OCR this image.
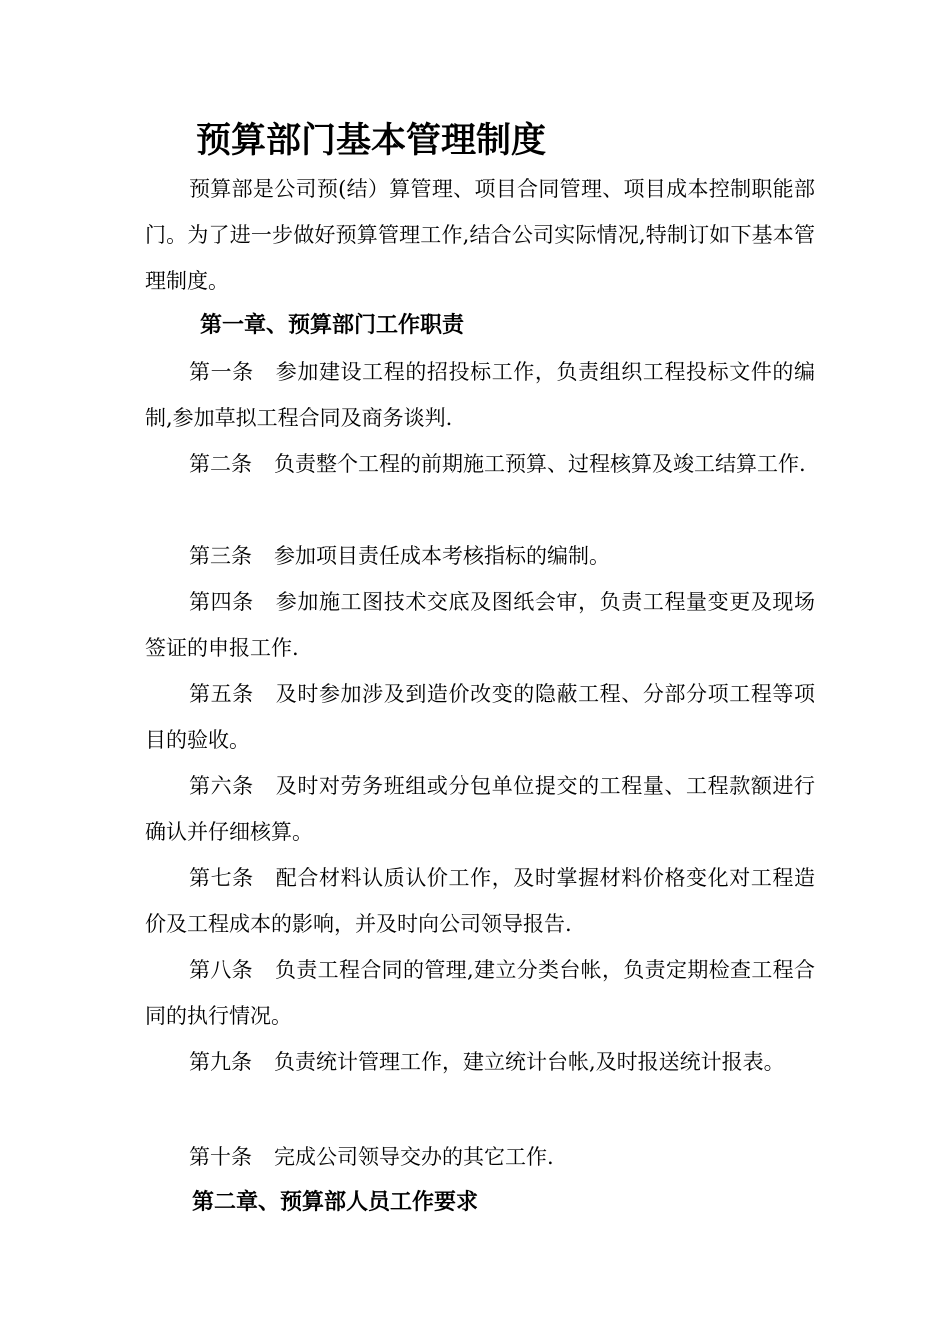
预算部门基本管理制度

预算部是公司预(结）算管理、项目合同管理、项目成本控制职能部门。为了进一步做好预算管理工作,结合公司实际情况,特制订如下基本管理制度。

第一章、预算部门工作职责

第一条 参加建设工程的招投标工作，负责组织工程投标文件的编制,参加草拟工程合同及商务谈判.

第二条 负责整个工程的前期施工预算、过程核算及竣工结算工作.

第三条 参加项目责任成本考核指标的编制。

第四条 参加施工图技术交底及图纸会审，负责工程量变更及现场签证的申报工作.

第五条 及时参加涉及到造价改变的隐蔽工程、分部分项工程等项目的验收。

第六条 及时对劳务班组或分包单位提交的工程量、工程款额进行确认并仔细核算。

第七条 配合材料认质认价工作，及时掌握材料价格变化对工程造价及工程成本的影响，并及时向公司领导报告.

第八条 负责工程合同的管理,建立分类台帐，负责定期检查工程合同的执行情况。

第九条 负责统计管理工作，建立统计台帐,及时报送统计报表。

第十条 完成公司领导交办的其它工作.

第二章、预算部人员工作要求
